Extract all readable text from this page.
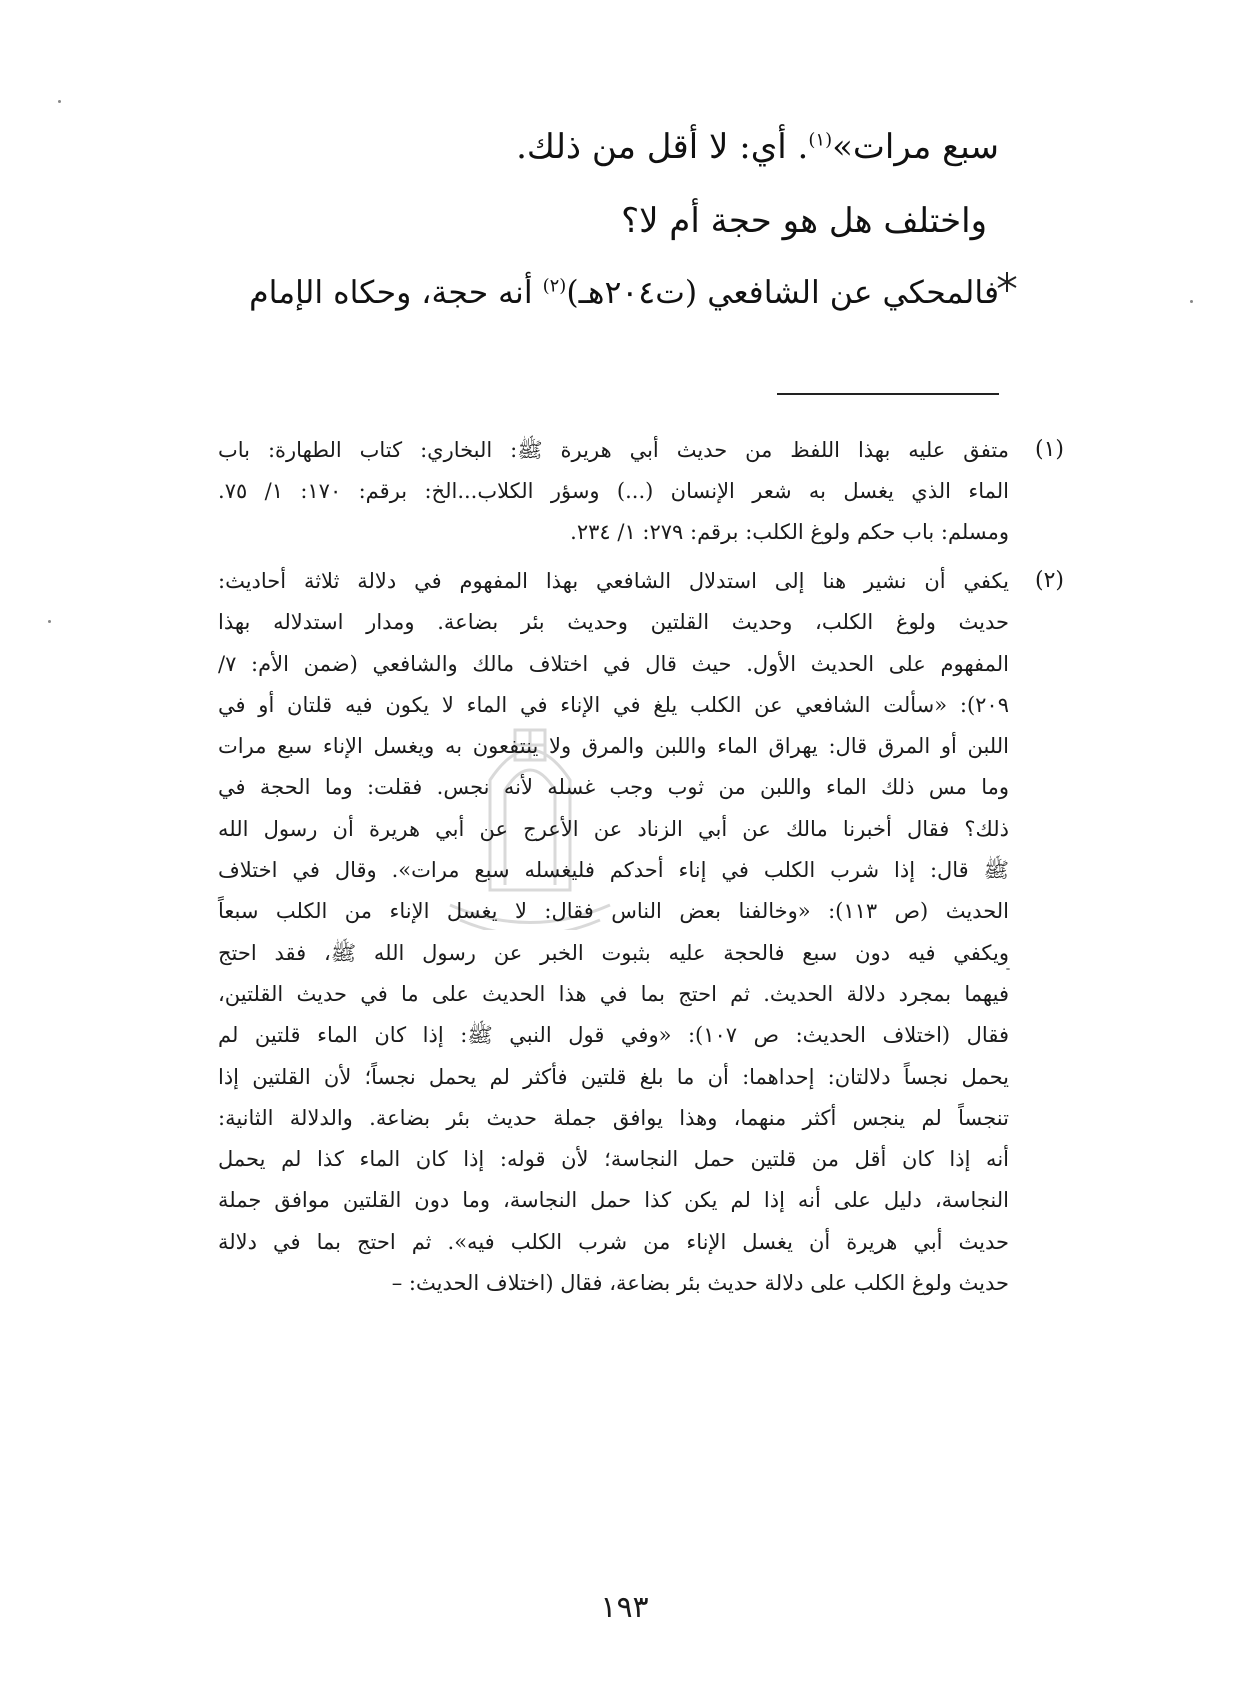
سبع مرات»$^{(١)}$. أي: لا أقل من ذلك.

واختلف هل هو حجة أم لا؟

فالمحكي عن الشافعي (ت٢٠٤هـ)$^{(٢)}$ أنه حجة، وحكاه الإمام

(١)

متفق عليه بهذا اللفظ من حديث أبي هريرة ﷺ: البخاري: كتاب الطهارة: باب

الماء الذي يغسل به شعر الإنسان (...) وسؤر الكلاب...الخ: برقم: ١٧٠: ١/ ٧٥.

ومسلم: باب حكم ولوغ الكلب: برقم: ٢٧٩: ١/ ٢٣٤.

(٢)

يكفي أن نشير هنا إلى استدلال الشافعي بهذا المفهوم في دلالة ثلاثة أحاديث:

حديث ولوغ الكلب، وحديث القلتين وحديث بئر بضاعة. ومدار استدلاله بهذا

المفهوم على الحديث الأول. حيث قال في اختلاف مالك والشافعي (ضمن الأم: ٧/

٢٠٩): «سألت الشافعي عن الكلب يلغ في الإناء في الماء لا يكون فيه قلتان أو في

اللبن أو المرق قال: يهراق الماء واللبن والمرق ولا ينتفعون به ويغسل الإناء سبع مرات

وما مس ذلك الماء واللبن من ثوب وجب غسله لأنه نجس. فقلت: وما الحجة في

ذلك؟ فقال أخبرنا مالك عن أبي الزناد عن الأعرج عن أبي هريرة أن رسول الله

ﷺ قال: إذا شرب الكلب في إناء أحدكم فليغسله سبع مرات». وقال في اختلاف

الحديث (ص ١١٣): «وخالفنا بعض الناس فقال: لا يغسل الإناء من الكلب سبعاً

ويكفي فيه دون سبع فالحجة عليه بثبوت الخبر عن رسول الله ﷺ، فقد احتج

فيهما بمجرد دلالة الحديث. ثم احتج بما في هذا الحديث على ما في حديث القلتين،

فقال (اختلاف الحديث: ص ١٠٧): «وفي قول النبي ﷺ: إذا كان الماء قلتين لم

يحمل نجساً دلالتان: إحداهما: أن ما بلغ قلتين فأكثر لم يحمل نجساً؛ لأن القلتين إذا

تنجساً لم ينجس أكثر منهما، وهذا يوافق جملة حديث بئر بضاعة. والدلالة الثانية:

أنه إذا كان أقل من قلتين حمل النجاسة؛ لأن قوله: إذا كان الماء كذا لم يحمل

النجاسة، دليل على أنه إذا لم يكن كذا حمل النجاسة، وما دون القلتين موافق جملة

حديث أبي هريرة أن يغسل الإناء من شرب الكلب فيه». ثم احتج بما في دلالة

حديث ولوغ الكلب على دلالة حديث بئر بضاعة، فقال (اختلاف الحديث: –

١٩٣
